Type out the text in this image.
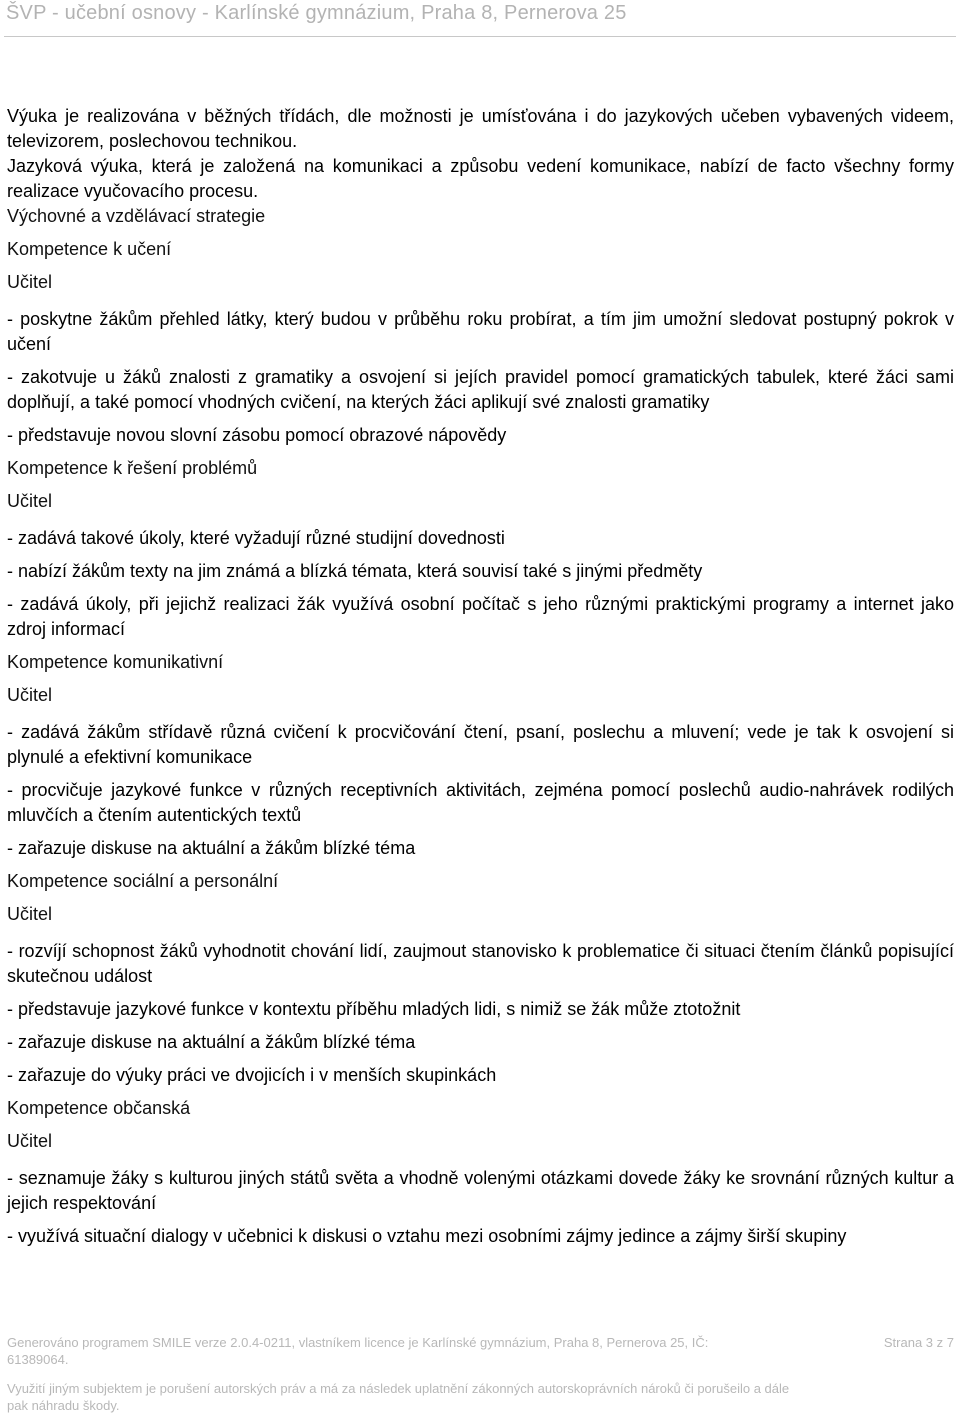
ŠVP - učební osnovy - Karlínské gymnázium, Praha 8, Pernerova 25

Výuka je realizována v běžných třídách, dle možnosti je umísťována i do jazykových učeben vybavených videem, televizorem, poslechovou technikou.

Jazyková výuka, která je založená na komunikaci a způsobu vedení komunikace, nabízí de facto všechny formy realizace vyučovacího procesu.

Výchovné a vzdělávací strategie

Kompetence k učení

Učitel

- poskytne žákům přehled látky, který budou v průběhu roku probírat, a tím jim umožní sledovat postupný pokrok v učení

- zakotvuje u žáků znalosti z gramatiky a osvojení si jejích pravidel pomocí gramatických tabulek, které žáci sami doplňují, a také pomocí vhodných cvičení, na kterých žáci aplikují své znalosti gramatiky

- představuje novou slovní zásobu pomocí obrazové nápovědy

Kompetence k řešení problémů

Učitel

- zadává takové úkoly, které vyžadují různé studijní dovednosti

- nabízí žákům texty na jim známá a blízká témata, která souvisí také s jinými předměty

- zadává úkoly, při jejichž realizaci žák využívá osobní počítač s jeho různými praktickými programy a internet jako zdroj informací

Kompetence komunikativní

Učitel

- zadává žákům střídavě různá cvičení k procvičování čtení, psaní, poslechu a mluvení; vede je tak k osvojení si plynulé a efektivní komunikace

- procvičuje jazykové funkce v různých receptivních aktivitách, zejména pomocí poslechů audio-nahrávek rodilých mluvčích a čtením autentických textů

- zařazuje diskuse na aktuální a žákům blízké téma

Kompetence sociální a personální

Učitel

- rozvíjí schopnost žáků vyhodnotit chování lidí, zaujmout stanovisko k problematice či situaci čtením článků popisující skutečnou událost

- představuje jazykové funkce v kontextu příběhu mladých lidi, s nimiž se žák může ztotožnit

- zařazuje diskuse na aktuální a žákům blízké téma

- zařazuje do výuky práci ve dvojicích i v menších skupinkách

Kompetence občanská

Učitel

- seznamuje žáky s kulturou jiných států světa a vhodně volenými otázkami dovede žáky ke srovnání různých kultur a jejich respektování

- využívá situační dialogy v učebnici k diskusi o vztahu mezi osobními zájmy jedince a zájmy širší skupiny

Generováno programem SMILE verze 2.0.4-0211, vlastníkem licence je Karlínské gymnázium, Praha 8, Pernerova 25, IČ: 61389064.
Strana 3 z 7
Využití jiným subjektem je porušení autorských práv a má za následek uplatnění zákonných autorskoprávních nároků či porušeilo a dále pak náhradu škody.
